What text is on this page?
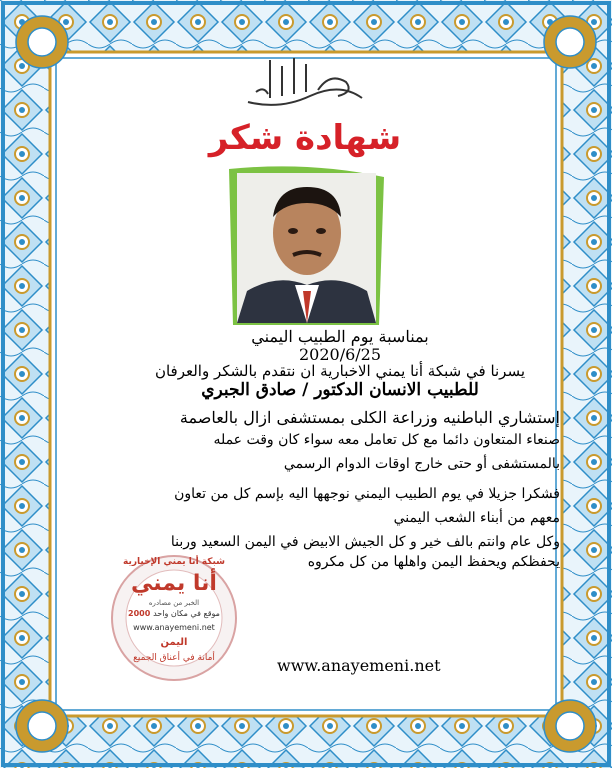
شهادة شكر
بمناسبة يوم الطبيب اليمني
2020/6/25
يسرنا في شبكة أنا يمني الاخبارية ان نتقدم بالشكر والعرفان
للطبيب الانسان الدكتور / صادق الجبري
إستشاري الباطنيه وزراعة الكلى بمستشفى ازال بالعاصمة
صنعاء المتعاون دائما مع كل تعامل معه سواء كان وقت عمله
بالمستشفى أو حتى خارج اوقات الدوام الرسمي
فشكرا جزيلا في يوم الطبيب اليمني نوجهها اليه بإسم كل من تعاون
معهم من أبناء الشعب اليمني
وكل عام وانتم بالف خير و كل الجيش الابيض في اليمن السعيد وربنا
يحفظكم ويحفظ اليمن واهلها من كل مكروه
www.anayemeni.net
شبكة أنا يمني الإخبارية
أنا يمني
الخبر من مصادره
2000 موقع في مكان واحد
www.anayemeni.net
اليمن
أمانة في أعناق الجميع
